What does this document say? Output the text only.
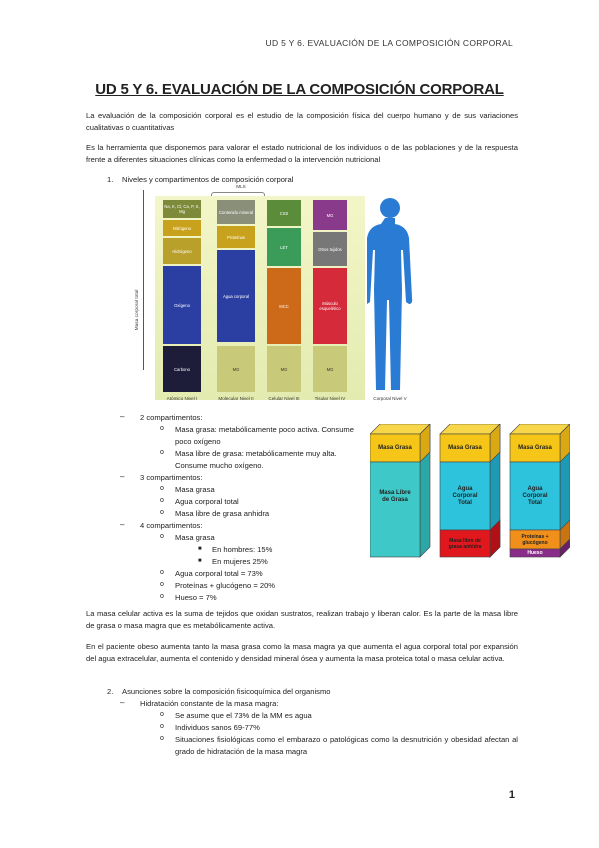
UD 5 Y 6. EVALUACIÓN DE LA COMPOSICIÓN CORPORAL
UD 5 Y 6. EVALUACIÓN DE LA COMPOSICIÓN CORPORAL
La evaluación de la composición corporal es el estudio de la composición física del cuerpo humano y de sus variaciones cualitativas o cuantitativas
Es la herramienta que disponemos para valorar el estado nutricional de los individuos o de las poblaciones y de la respuesta frente a diferentes situaciones clínicas como la enfermedad o la intervención nutricional
1. Niveles y compartimentos de composición corporal
MLS
Masa corporal total
Na, K, Cl, Ca, P, S, Mg
Nitrógeno
Hidrógeno
Oxígeno
Carbono
Contenido mineral
Proteínas
Agua corporal
MG
CSS
LET
MCC
MG
MG
Otros tejidos
Músculo esquelético
MG
Atómico Nivel I	Molecular Nivel II	Celular Nivel III	Tisular Nivel IV	Corporal Nivel V
– 2 compartimentos:
o Masa grasa: metabólicamente poco activa. Consume poco oxígeno
o Masa libre de grasa: metabólicamente muy alta. Consume mucho oxígeno.
– 3 compartimentos:
o Masa grasa
o Agua corporal total
o Masa libre de grasa anhidra
– 4 compartimentos:
o Masa grasa
■ En hombres: 15%
■ En mujeres 25%
o Agua corporal total = 73%
o Proteínas + glucógeno = 20%
o Hueso = 7%
Masa Grasa
Masa Libre de Grasa
Masa Grasa
Agua Corporal Total
Masa libre de grasa anhidra
Masa Grasa
Agua Corporal Total
Proteínas + glucógeno
Hueso
La masa celular activa es la suma de tejidos que oxidan sustratos, realizan trabajo y liberan calor. Es la parte de la masa libre de grasa o masa magra que es metabólicamente activa.
En el paciente obeso aumenta tanto la masa grasa como la masa magra ya que aumenta el agua corporal total por expansión del agua extracelular, aumenta el contenido y densidad mineral ósea y aumenta la masa proteica total o masa celular activa.
2. Asunciones sobre la composición fisicoquímica del organismo
– Hidratación constante de la masa magra:
o Se asume que el 73% de la MM es agua
o Individuos sanos 69-77%
o Situaciones fisiológicas como el embarazo o patológicas como la desnutrición y obesidad afectan al grado de hidratación de la masa magra
1
